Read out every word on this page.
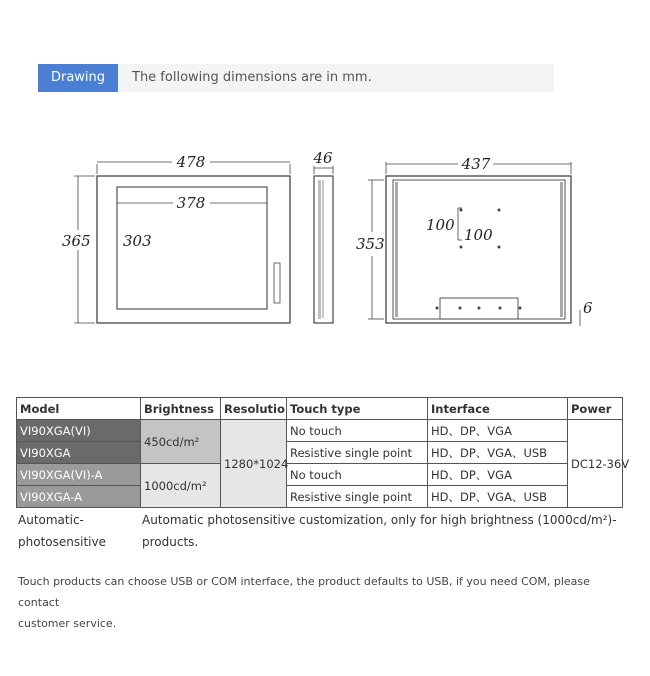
Drawing	The following dimensions are in mm.
478
378
365 303
46	437
353
100
100
6
Model	Brightness	Resolutio	Touch type	Interface	Power
VI90XGA(VI)	450cd/m²	1280*1024	No touch	HD、DP、VGA	DC12-36V
VI90XGA			Resistive single point	HD、DP、VGA、USB	
VI90XGA(VI)-A	1000cd/m²		No touch	HD、DP、VGA	
VI90XGA-A			Resistive single point	HD、DP、VGA、USB	
Automatic-
photosensitive
Automatic photosensitive customization, only for high brightness (1000cd/m²)-
products.
Touch products can choose USB or COM interface, the product defaults to USB, if you need COM, please contact
customer service.
